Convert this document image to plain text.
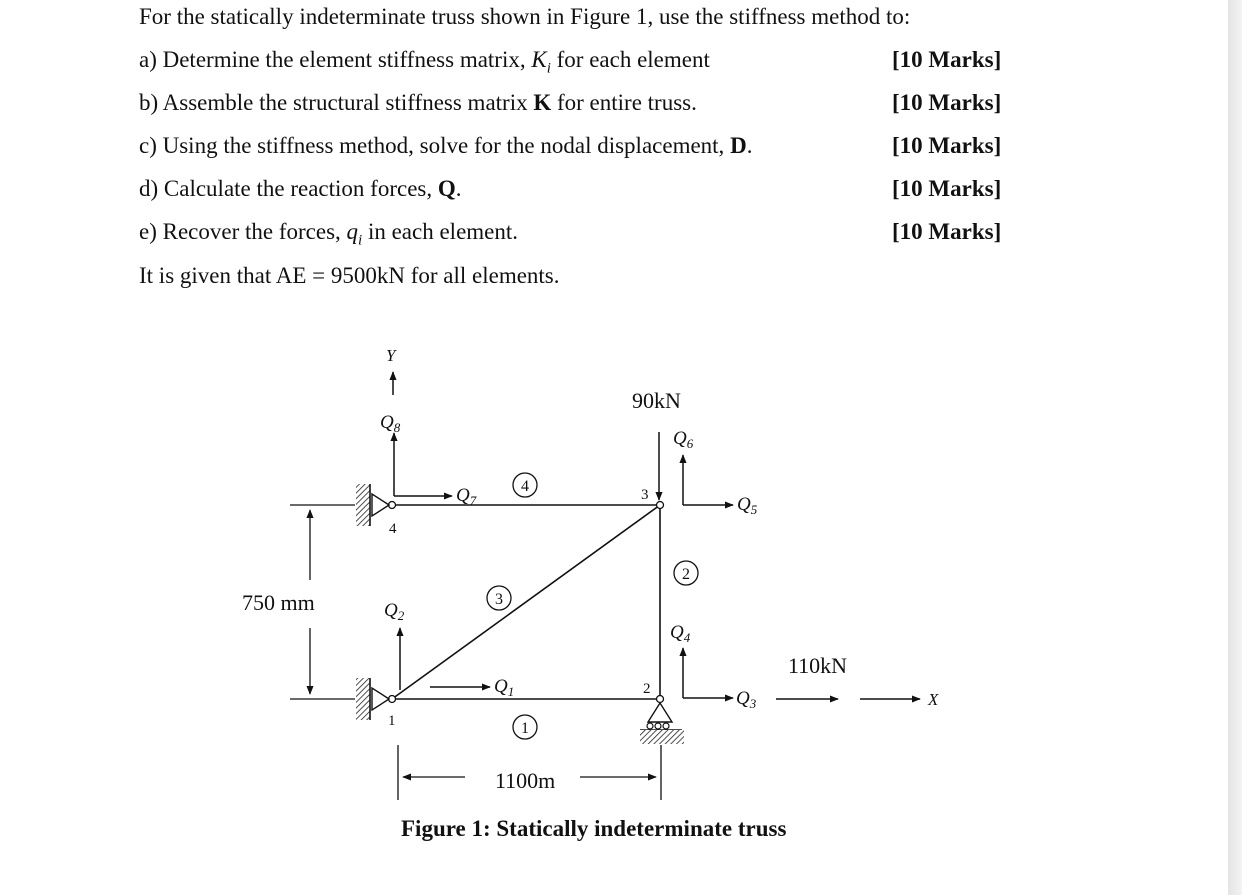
For the statically indeterminate truss shown in Figure 1, use the stiffness method to:
a) Determine the element stiffness matrix, $K_i$ for each element	[10 Marks]
b) Assemble the structural stiffness matrix K for entire truss.	[10 Marks]
c) Using the stiffness method, solve for the nodal displacement, D.	[10 Marks]
d) Calculate the reaction forces, Q.	[10 Marks]
e) Recover the forces, $q_i$ in each element.	[10 Marks]
It is given that AE = 9500kN for all elements.
4
3
2
1
4
1
3
2
$Q_8$
$Q_7$
$Q_2$
$Q_1$
$Q_6$
$Q_5$
$Q_4$
$Q_3$
90kN
110kN
Y
X
750 mm
1100m
Figure 1: Statically indeterminate truss
